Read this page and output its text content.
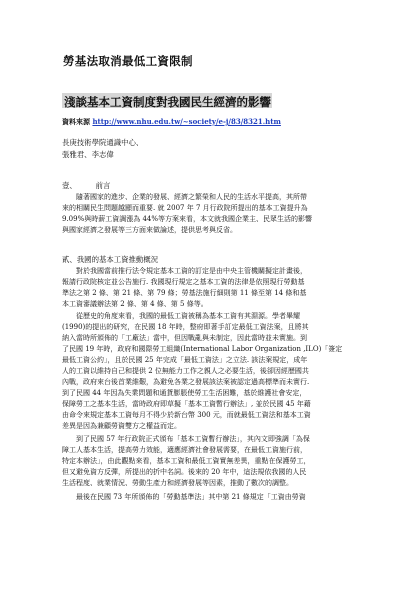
勞基法取消最低工資限制
淺談基本工資制度對我國民生經濟的影響
資料來源 http://www.nhu.edu.tw/~society/e-j/83/8321.htm
長庚技術學院通識中心、
張雅君、李志偉
壹、        前言
隨著國家的進步、企業的發展、經濟之繁榮和人民的生活水平提高，其所帶
來的相關民生問題越顯而重要. 就 2007 年 7 月行政院所提出的基本工資提升為
9.09%與時薪工資調漲為 44%等方案來看，本文就我國企業主、民眾生活的影響
與國家經濟之發展等三方面來做論述，提供思考與反省。
貳、我國的基本工資推動概況
對於我國當前推行法令規定基本工資的訂定是由中央主管機關擬定計畫後，
報請行政院核定並公告施行. 我國現行規定之基本工資的法律是依照現行勞動基
準法之第 2 條、第 21 條、第 79 條；勞基法施行細則第 11 條至第 14 條和基
本工資審議辦法第 2 條、第 4 條、第 5 條等。
從歷史的角度來看，我國的最低工資被稱為基本工資有其淵源。學者畢耀
(1990)的提出的研究，在民國 18 年時，整府即著手訂定最低工資法案，且將其
納入當時所頒佈的「工廠法」當中，但因戰亂與未制定，因此當時並未實施。到
了民國 19 年時，政府和國際勞工組織(International Labor Organization ,ILO)「簽定
最低工資公約」，且於民國 25 年完成「最低工資法」之立法. 該法案規定，成年
人的工資以維持自己和提供 2 位無能力工作之親人之必要生活，後卻因經歷國共
內戰，政府來台後首業維艱，為避免各業之發展該法案被認定過高標準而未實行.
到了民國 44 年因為失業問題和通貨膨脹使勞工生活困難，基於維護社會安定，
保障勞工之基本生活，當時政府即草擬「基本工資暫行辦法」, 並於民國 45 年藉
由命令來規定基本工資每月不得少於新台幣 300 元，而就最低工資法和基本工資
差異是因為兼顧勞資雙方之權益而定。
到了民國 57 年行政院正式頒布「基本工資暫行辦法」，其內文即強調「為保
障工人基本生活，提高勞力效能，適應經濟社會發展需要，在最低工資施行前，
特定本辦法」，由此觀點來看，基本工資和最低工資實無差異，重點在保護勞工，
但又避免資方反彈，所提出的折中名詞。後來的 20 年中，這法規依我國的人民
生活程度、就業情況、勞動生產力和經濟發展等因素，推動了數次的調整。
最後在民國 73 年所頒佈的「勞動基準法」其中第 21 條規定「工資由勞資
